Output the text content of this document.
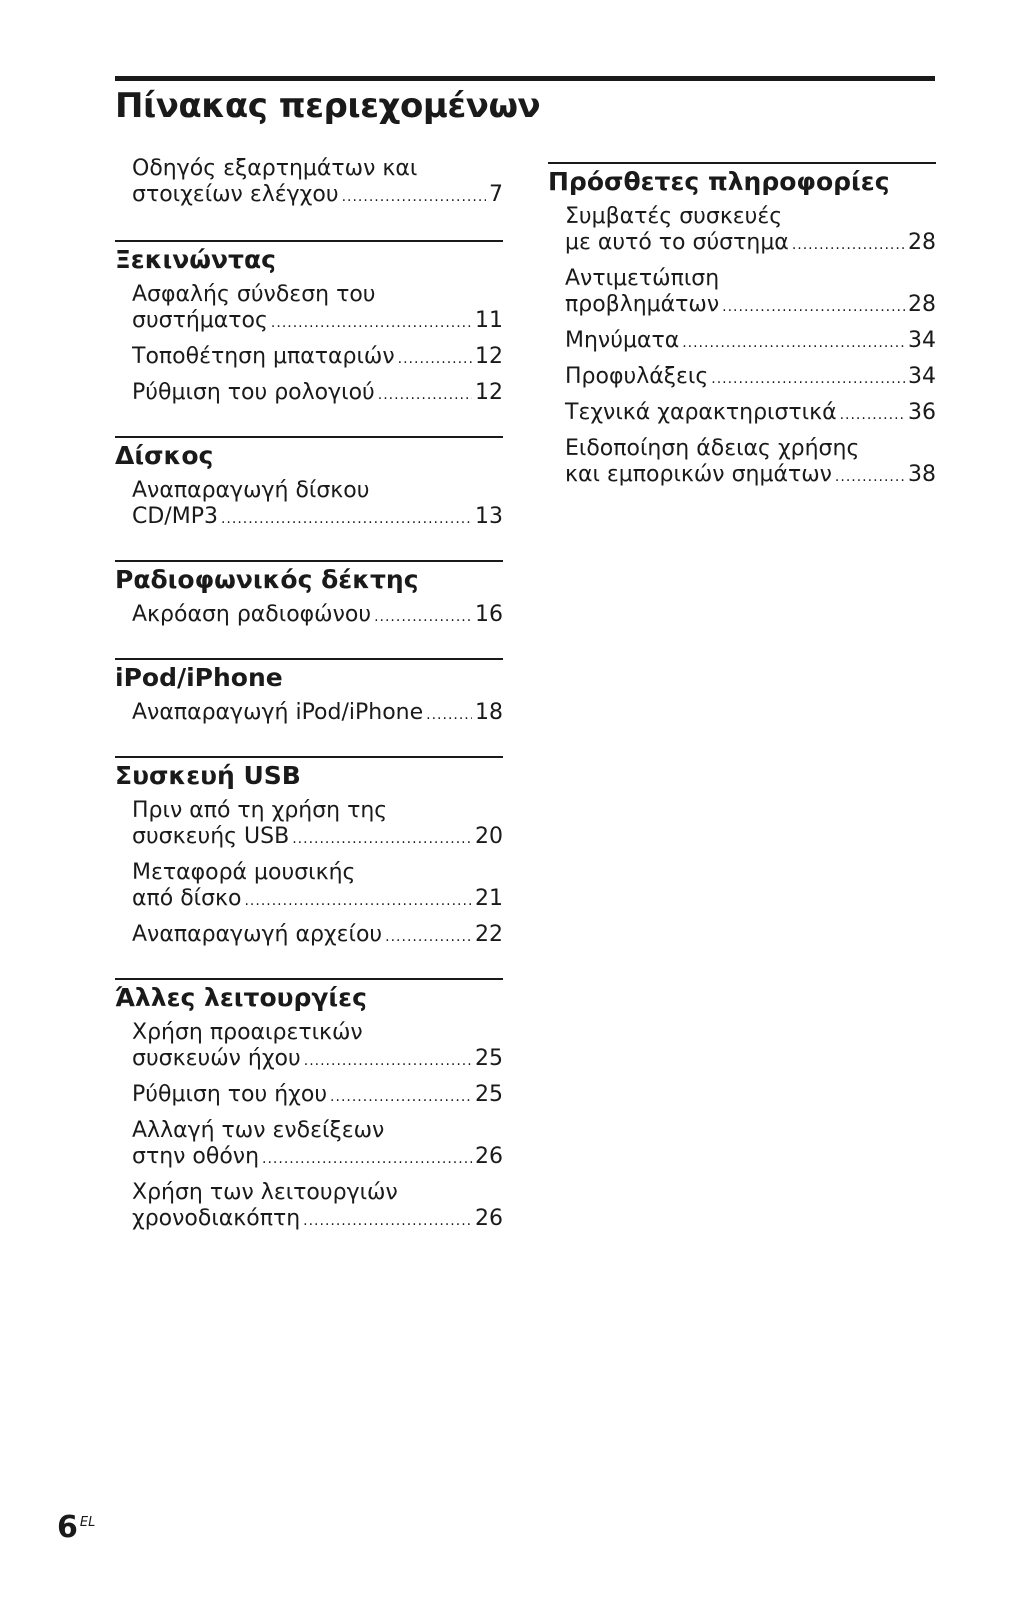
Πίνακας περιεχομένων
Οδηγός εξαρτημάτων και
στοιχείων ελέγχου .....	7
Ξεκινώντας
Ασφαλής σύνδεση του
συστήματος .....	11
Τοποθέτηση μπαταριών .....	12
Ρύθμιση του ρολογιού .....	12
Δίσκος
Αναπαραγωγή δίσκου
CD/MP3 .....	13
Ραδιοφωνικός δέκτης
Ακρόαση ραδιοφώνου .....	16
iPod/iPhone
Αναπαραγωγή iPod/iPhone ..... 18
Συσκευή USB
Πριν από τη χρήση της
συσκευής USB .....	20
Μεταφορά μουσικής
από δίσκο .....	21
Αναπαραγωγή αρχείου .....	22
Άλλες λειτουργίες
Χρήση προαιρετικών
συσκευών ήχου .....	25
Ρύθμιση του ήχου .....	25
Αλλαγή των ενδείξεων
στην οθόνη .....	26
Χρήση των λειτουργιών
χρονοδιακόπτη .....	26
Πρόσθετες πληροφορίες
Συμβατές συσκευές
με αυτό το σύστημα .....	28
Αντιμετώπιση
προβλημάτων .....	28
Μηνύματα .....	34
Προφυλάξεις .....	34
Τεχνικά χαρακτηριστικά .....	36
Ειδοποίηση άδειας χρήσης
και εμπορικών σημάτων .....	38
6 $^{EL}$
